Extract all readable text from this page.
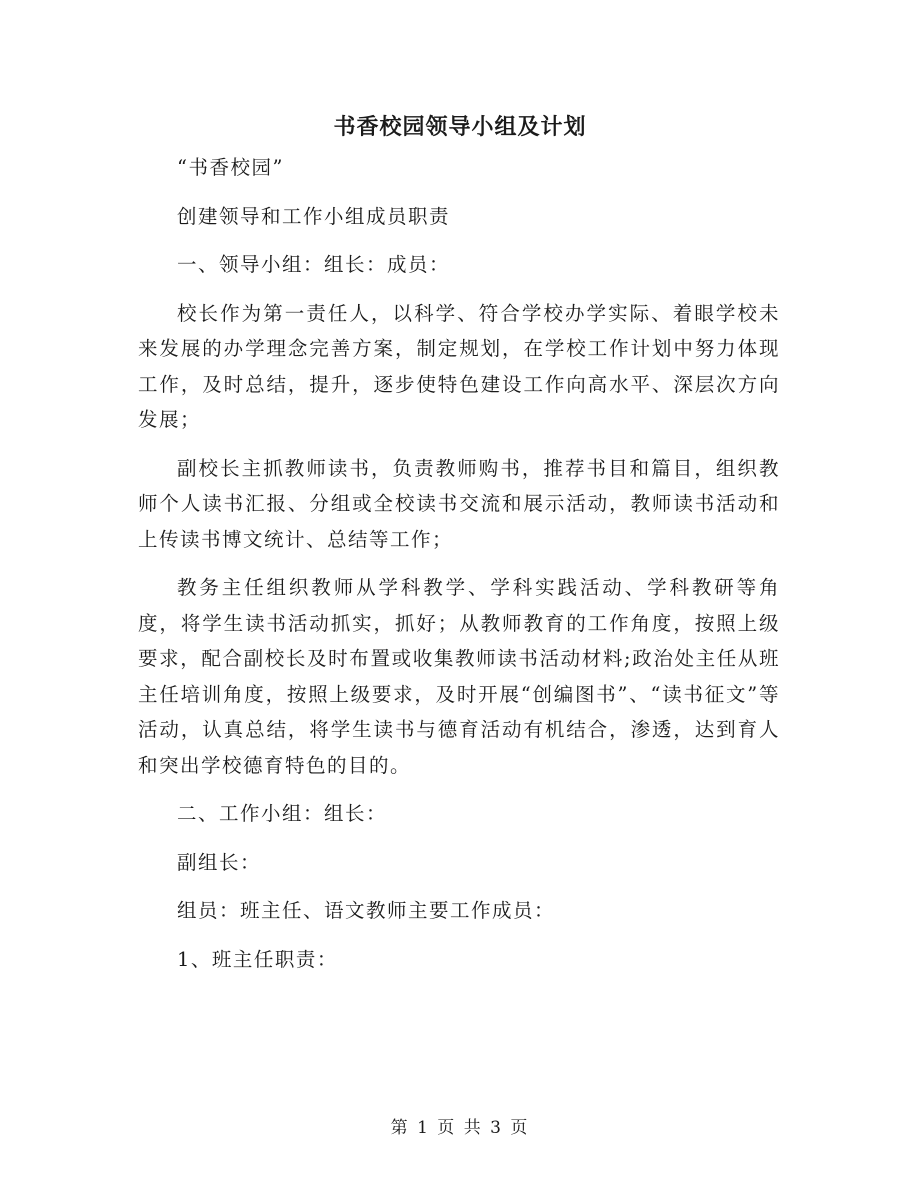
书香校园领导小组及计划

“书香校园”

创建领导和工作小组成员职责

一、领导小组：组长：成员：

校长作为第一责任人，以科学、符合学校办学实际、着眼学校未来发展的办学理念完善方案，制定规划，在学校工作计划中努力体现工作，及时总结，提升，逐步使特色建设工作向高水平、深层次方向发展；

副校长主抓教师读书，负责教师购书，推荐书目和篇目，组织教师个人读书汇报、分组或全校读书交流和展示活动，教师读书活动和上传读书博文统计、总结等工作；

教务主任组织教师从学科教学、学科实践活动、学科教研等角度，将学生读书活动抓实，抓好；从教师教育的工作角度，按照上级要求，配合副校长及时布置或收集教师读书活动材料;政治处主任从班主任培训角度，按照上级要求，及时开展“创编图书”、“读书征文”等活动，认真总结，将学生读书与德育活动有机结合，渗透，达到育人和突出学校德育特色的目的。

二、工作小组：组长：

副组长：

组员：班主任、语文教师主要工作成员：

1、班主任职责：

第 1 页 共 3 页
